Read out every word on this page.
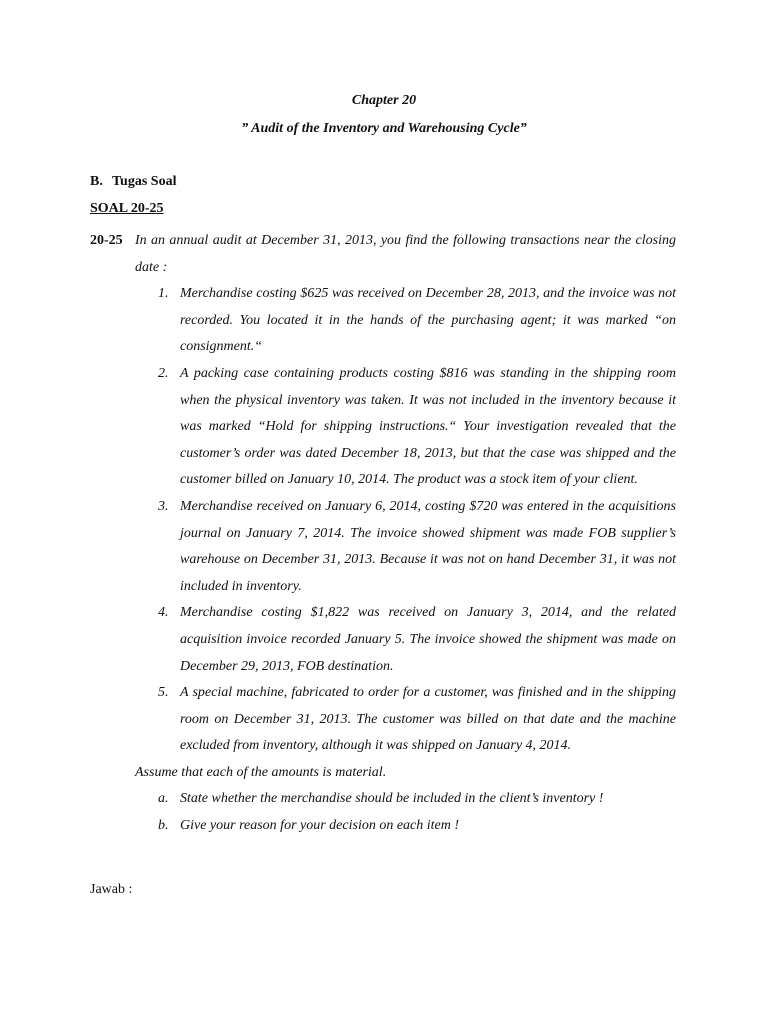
Chapter 20
” Audit of the Inventory and Warehousing Cycle”
B. Tugas Soal
SOAL 20-25
20-25 In an annual audit at December 31, 2013, you find the following transactions near the closing date :
1. Merchandise costing $625 was received on December 28, 2013, and the invoice was not recorded. You located it in the hands of the purchasing agent; it was marked “on consignment.“
2. A packing case containing products costing $816 was standing in the shipping room when the physical inventory was taken. It was not included in the inventory because it was marked “Hold for shipping instructions.“ Your investigation revealed that the customer’s order was dated December 18, 2013, but that the case was shipped and the customer billed on January 10, 2014. The product was a stock item of your client.
3. Merchandise received on January 6, 2014, costing $720 was entered in the acquisitions journal on January 7, 2014. The invoice showed shipment was made FOB supplier’s warehouse on December 31, 2013. Because it was not on hand December 31, it was not included in inventory.
4. Merchandise costing $1,822 was received on January 3, 2014, and the related acquisition invoice recorded January 5. The invoice showed the shipment was made on December 29, 2013, FOB destination.
5. A special machine, fabricated to order for a customer, was finished and in the shipping room on December 31, 2013. The customer was billed on that date and the machine excluded from inventory, although it was shipped on January 4, 2014.
Assume that each of the amounts is material.
a. State whether the merchandise should be included in the client’s inventory !
b. Give your reason for your decision on each item !
Jawab :
